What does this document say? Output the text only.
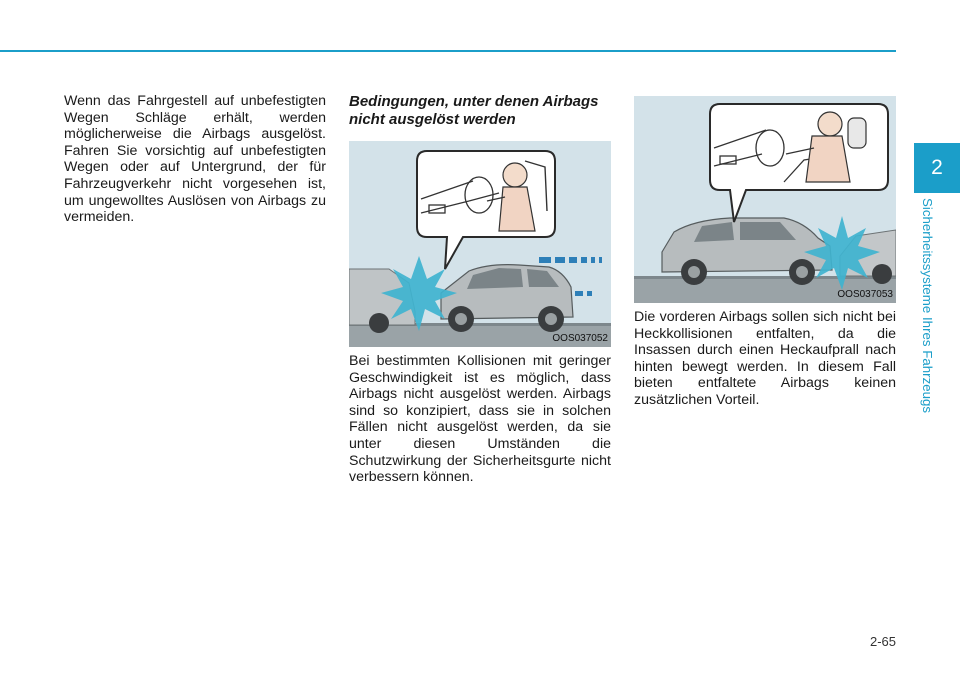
Wenn das Fahrgestell auf unbefestigten Wegen Schläge erhält, werden möglicherweise die Airbags ausgelöst. Fahren Sie vorsichtig auf unbefestigten Wegen oder auf Untergrund, der für Fahrzeugverkehr nicht vorgesehen ist, um ungewolltes Auslösen von Airbags zu vermeiden.

Bedingungen, unter denen Airbags nicht ausgelöst werden
OOS037052

Bei bestimmten Kollisionen mit geringer Geschwindigkeit ist es möglich, dass Airbags nicht ausgelöst werden. Airbags sind so konzipiert, dass sie in solchen Fällen nicht ausgelöst werden, da sie unter diesen Umständen die Schutzwirkung der Sicherheitsgurte nicht verbessern können.

OOS037053

Die vorderen Airbags sollen sich nicht bei Heckkollisionen entfalten, da die Insassen durch einen Heckaufprall nach hinten bewegt werden. In diesem Fall bieten entfaltete Airbags keinen zusätzlichen Vorteil.

2
Sicherheitssysteme Ihres Fahrzeugs
2-65
